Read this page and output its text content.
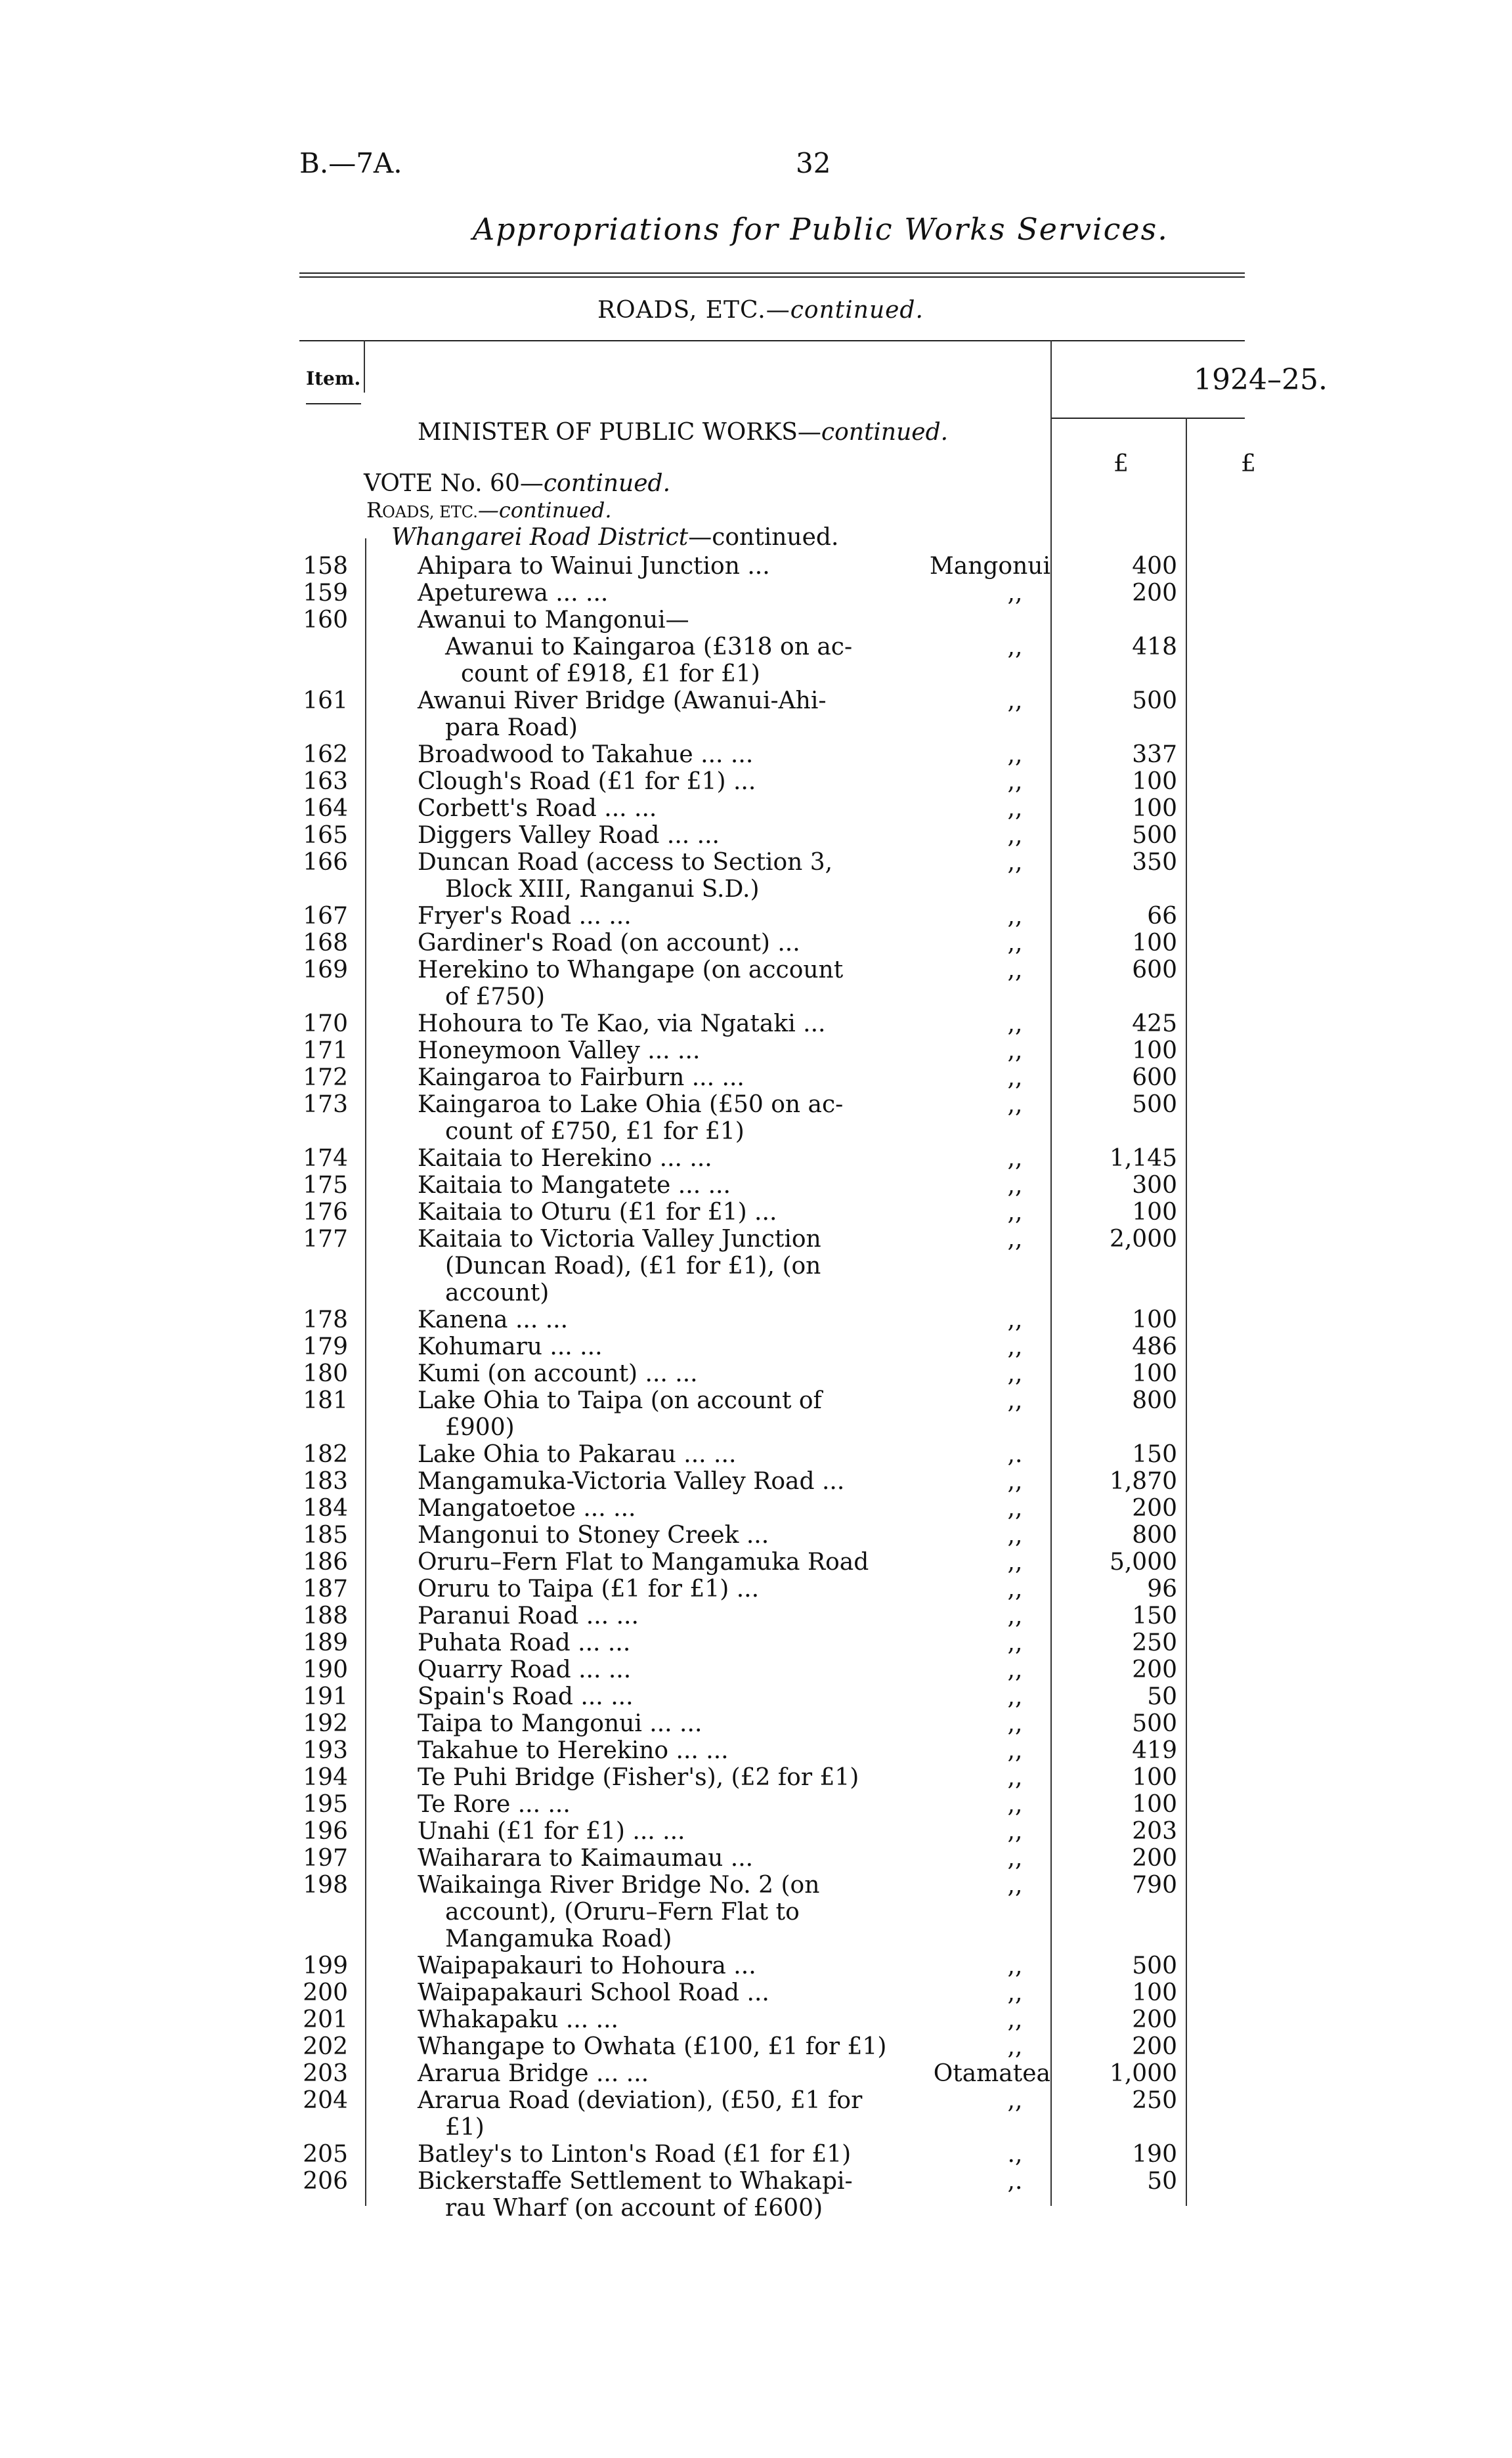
B.—7A.	32
Appropriations for Public Works Services.
ROADS, ETC.—continued.
Item.	1924–25.
MINISTER OF PUBLIC WORKS—continued.
£	£
VOTE No. 60—continued.
ROADS, ETC.—continued.
Whangarei Road District—continued.
158	Ahipara to Wainui Junction ...	Mangonui	400
159	Apeturewa ... ...	,,	200
160	Awanui to Mangonui—
Awanui to Kaingaroa (£318 on ac-
count of £918, £1 for £1)
,,	418
161	Awanui River Bridge (Awanui-Ahi-
para Road)
,,	500
162	Broadwood to Takahue ... ...	,,	337
163	Clough's Road (£1 for £1) ...	,,	100
164	Corbett's Road ... ...	,,	100
165	Diggers Valley Road ... ...	,,	500
166	Duncan Road (access to Section 3,
Block XIII, Ranganui S.D.)
,,	350
167	Fryer's Road ... ...	,,	66
168	Gardiner's Road (on account) ...	,,	100
169	Herekino to Whangape (on account
of £750)
,,	600
170	Hohoura to Te Kao, via Ngataki ...	,,	425
171	Honeymoon Valley ... ...	,,	100
172	Kaingaroa to Fairburn ... ...	,,	600
173	Kaingaroa to Lake Ohia (£50 on ac-
count of £750, £1 for £1)
,,	500
174	Kaitaia to Herekino ... ...	,,	1,145
175	Kaitaia to Mangatete ... ...	,,	300
176	Kaitaia to Oturu (£1 for £1) ...	,,	100
177	Kaitaia to Victoria Valley Junction
(Duncan Road), (£1 for £1), (on
account)
,,	2,000
178	Kanena ... ...	,,	100
179	Kohumaru ... ...	,,	486
180	Kumi (on account) ... ...	,,	100
181	Lake Ohia to Taipa (on account of
£900)
,,	800
182	Lake Ohia to Pakarau ... ...	,.	150
183	Mangamuka-Victoria Valley Road ...	,,	1,870
184	Mangatoetoe ... ...	,,	200
185	Mangonui to Stoney Creek ...	,,	800
186	Oruru–Fern Flat to Mangamuka Road	,,	5,000
187	Oruru to Taipa (£1 for £1) ...	,,	96
188	Paranui Road ... ...	,,	150
189	Puhata Road ... ...	,,	250
190	Quarry Road ... ...	,,	200
191	Spain's Road ... ...	,,	50
192	Taipa to Mangonui ... ...	,,	500
193	Takahue to Herekino ... ...	,,	419
194	Te Puhi Bridge (Fisher's), (£2 for £1)	,,	100
195	Te Rore ... ...	,,	100
196	Unahi (£1 for £1) ... ...	,,	203
197	Waiharara to Kaimaumau ...	,,	200
198	Waikainga River Bridge No. 2 (on
account), (Oruru–Fern Flat to
Mangamuka Road)
,,	790
199	Waipapakauri to Hohoura ...	,,	500
200	Waipapakauri School Road ...	,,	100
201	Whakapaku ... ...	,,	200
202	Whangape to Owhata (£100, £1 for £1)	,,	200
203	Ararua Bridge ... ...	Otamatea 1,000
204	Ararua Road (deviation), (£50, £1 for
£1)
,,	250
205	Batley's to Linton's Road (£1 for £1)	.,	190
206	Bickerstaffe Settlement to Whakapi-
rau Wharf (on account of £600)
,.	50
